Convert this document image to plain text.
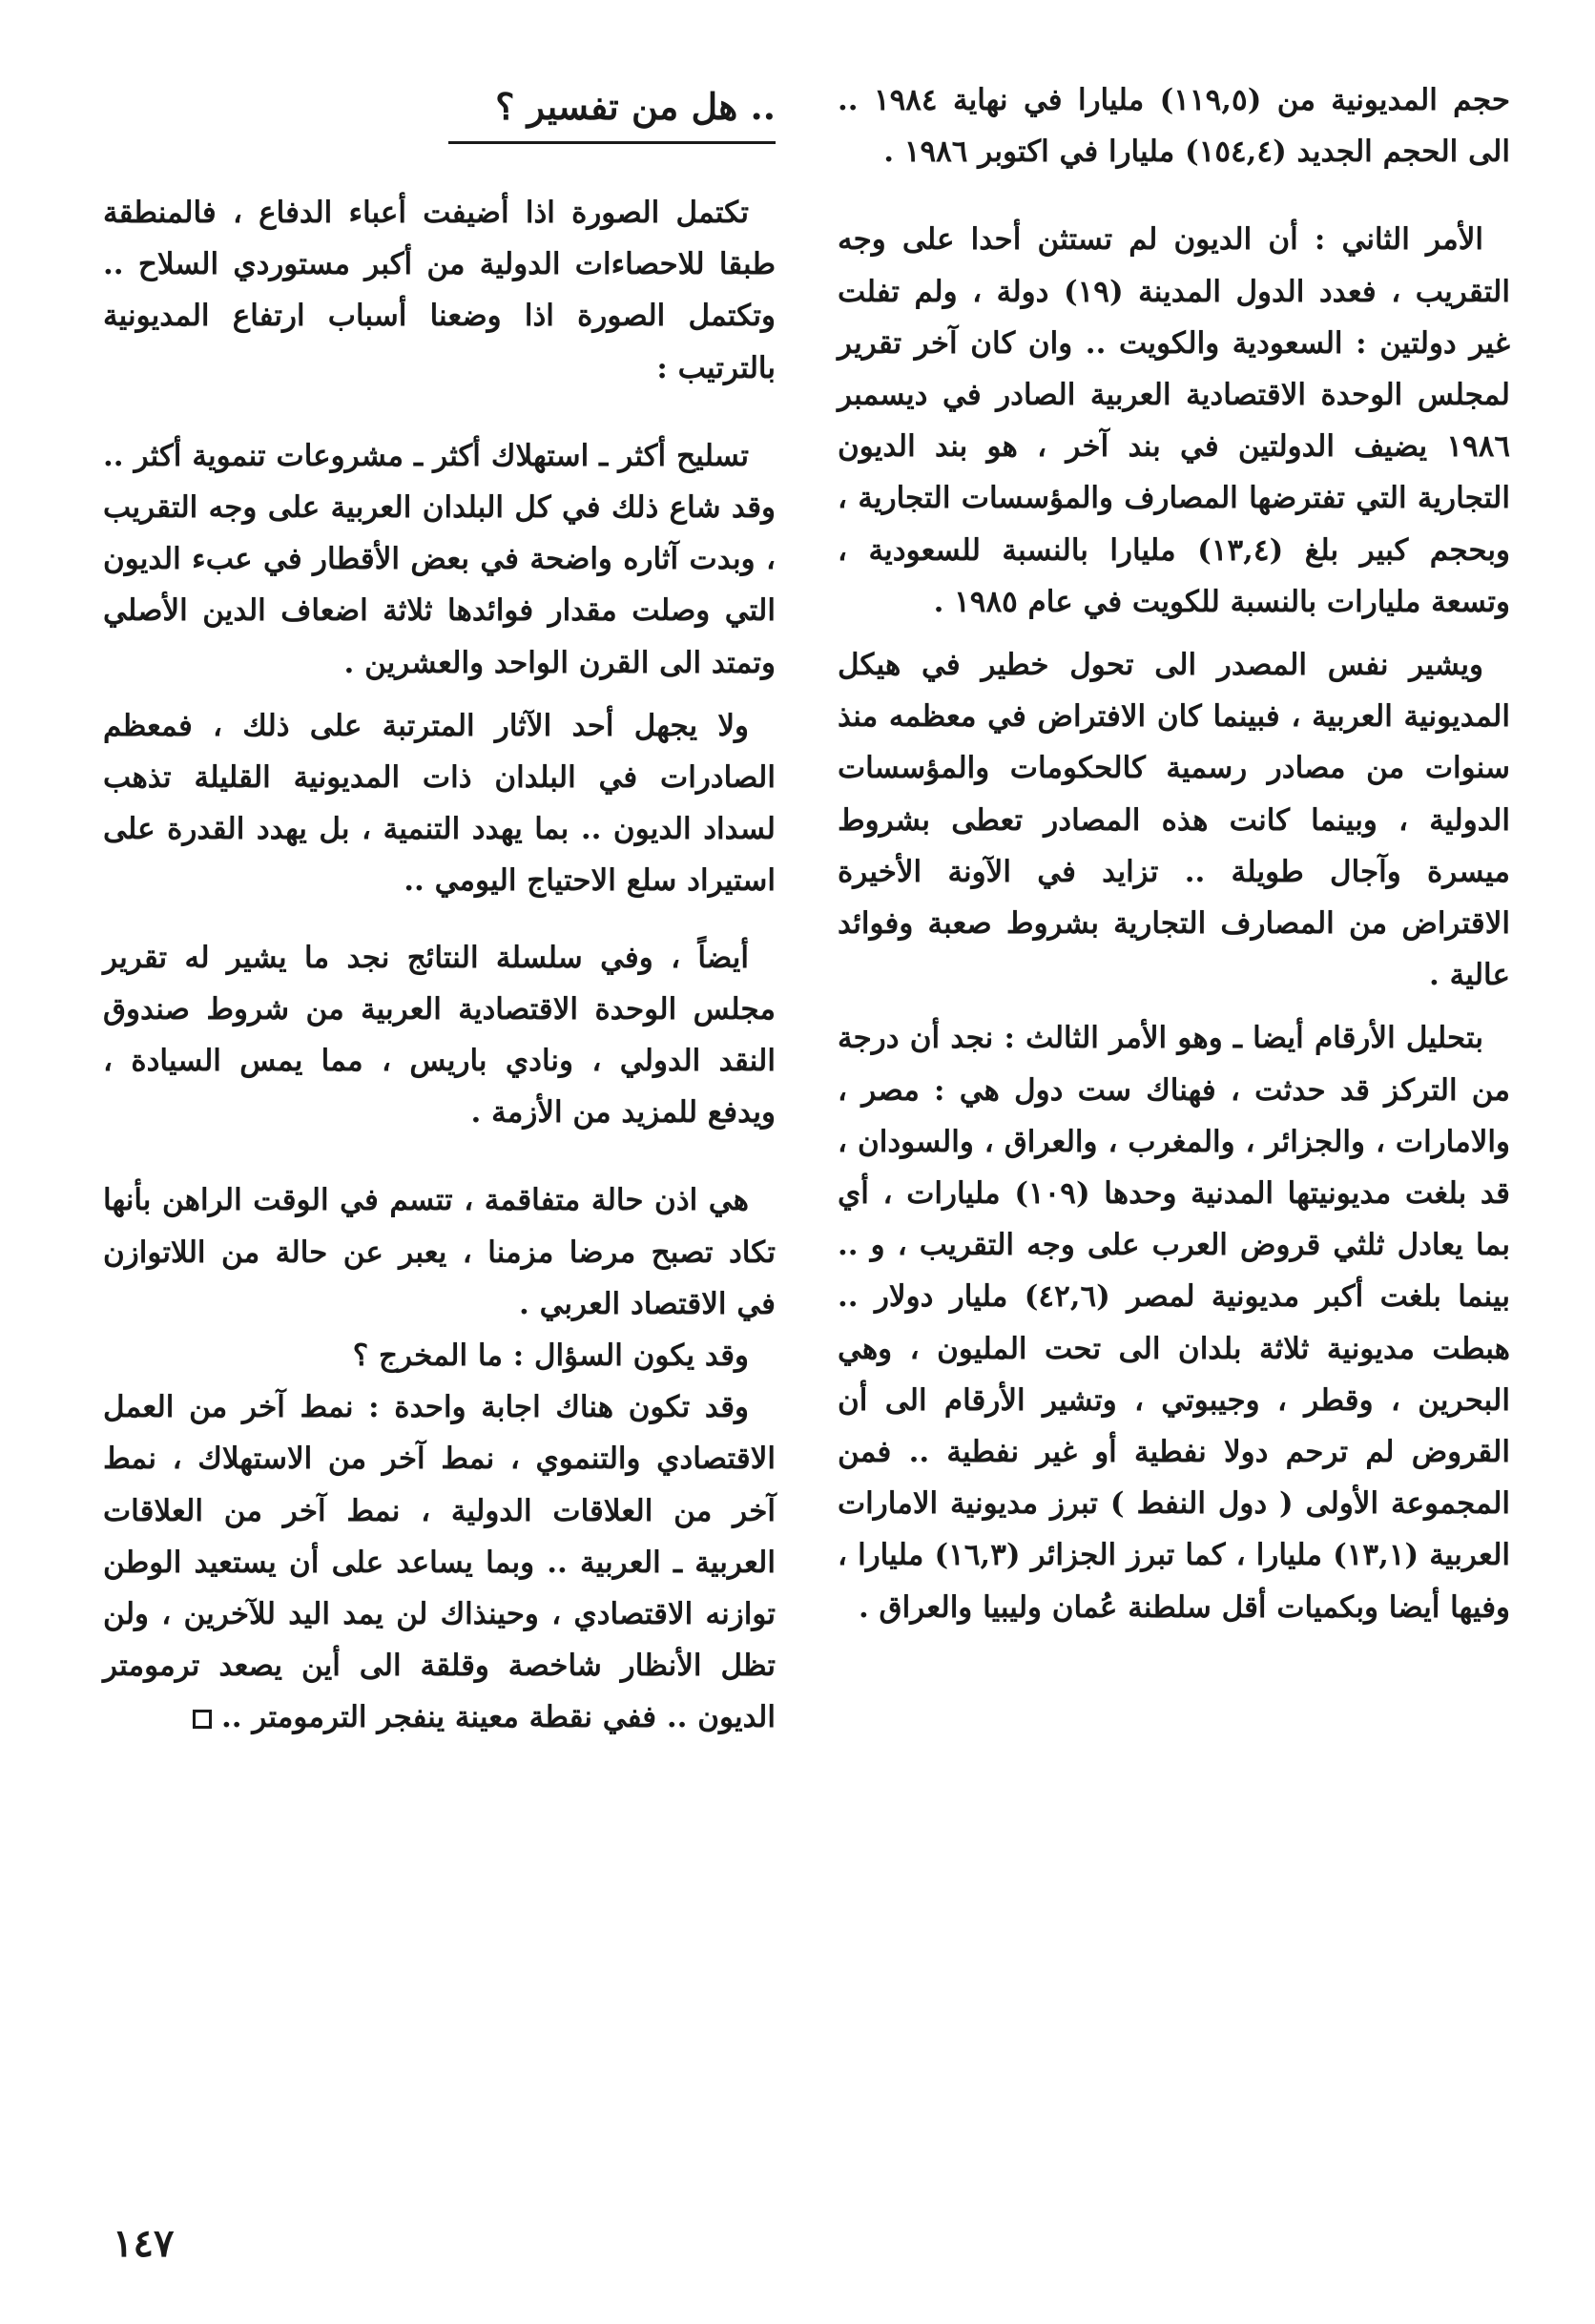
حجم المديونية من (١١٩,٥) مليارا في نهاية ١٩٨٤ .. الى الحجم الجديد (١٥٤,٤) مليارا في اكتوبر ١٩٨٦ .

الأمر الثاني : أن الديون لم تستثن أحدا على وجه التقريب ، فعدد الدول المدينة (١٩) دولة ، ولم تفلت غير دولتين : السعودية والكويت .. وان كان آخر تقرير لمجلس الوحدة الاقتصادية العربية الصادر في ديسمبر ١٩٨٦ يضيف الدولتين في بند آخر ، هو بند الديون التجارية التي تفترضها المصارف والمؤسسات التجارية ، وبحجم كبير بلغ (١٣,٤) مليارا بالنسبة للسعودية ، وتسعة مليارات بالنسبة للكويت في عام ١٩٨٥ .

ويشير نفس المصدر الى تحول خطير في هيكل المديونية العربية ، فبينما كان الافتراض في معظمه منذ سنوات من مصادر رسمية كالحكومات والمؤسسات الدولية ، وبينما كانت هذه المصادر تعطى بشروط ميسرة وآجال طويلة .. تزايد في الآونة الأخيرة الاقتراض من المصارف التجارية بشروط صعبة وفوائد عالية .

بتحليل الأرقام أيضا ـ وهو الأمر الثالث : نجد أن درجة من التركز قد حدثت ، فهناك ست دول هي : مصر ، والامارات ، والجزائر ، والمغرب ، والعراق ، والسودان ، قد بلغت مديونيتها المدنية وحدها (١٠٩) مليارات ، أي بما يعادل ثلثي قروض العرب على وجه التقريب ، و .. بينما بلغت أكبر مديونية لمصر (٤٢,٦) مليار دولار .. هبطت مديونية ثلاثة بلدان الى تحت المليون ، وهي البحرين ، وقطر ، وجيبوتي ، وتشير الأرقام الى أن القروض لم ترحم دولا نفطية أو غير نفطية .. فمن المجموعة الأولى ( دول النفط ) تبرز مديونية الامارات العربية (١٣,١) مليارا ، كما تبرز الجزائر (١٦,٣) مليارا ، وفيها أيضا وبكميات أقل سلطنة عُمان وليبيا والعراق .

.. هل من تفسير ؟

تكتمل الصورة اذا أضيفت أعباء الدفاع ، فالمنطقة طبقا للاحصاءات الدولية من أكبر مستوردي السلاح .. وتكتمل الصورة اذا وضعنا أسباب ارتفاع المديونية بالترتيب :

تسليح أكثر ـ استهلاك أكثر ـ مشروعات تنموية أكثر .. وقد شاع ذلك في كل البلدان العربية على وجه التقريب ، وبدت آثاره واضحة في بعض الأقطار في عبء الديون التي وصلت مقدار فوائدها ثلاثة اضعاف الدين الأصلي وتمتد الى القرن الواحد والعشرين .

ولا يجهل أحد الآثار المترتبة على ذلك ، فمعظم الصادرات في البلدان ذات المديونية القليلة تذهب لسداد الديون .. بما يهدد التنمية ، بل يهدد القدرة على استيراد سلع الاحتياج اليومي ..

أيضاً ، وفي سلسلة النتائج نجد ما يشير له تقرير مجلس الوحدة الاقتصادية العربية من شروط صندوق النقد الدولي ، ونادي باريس ، مما يمس السيادة ، ويدفع للمزيد من الأزمة .

هي اذن حالة متفاقمة ، تتسم في الوقت الراهن بأنها تكاد تصبح مرضا مزمنا ، يعبر عن حالة من اللاتوازن في الاقتصاد العربي .

وقد يكون السؤال : ما المخرج ؟

وقد تكون هناك اجابة واحدة : نمط آخر من العمل الاقتصادي والتنموي ، نمط آخر من الاستهلاك ، نمط آخر من العلاقات الدولية ، نمط آخر من العلاقات العربية ـ العربية .. وبما يساعد على أن يستعيد الوطن توازنه الاقتصادي ، وحينذاك لن يمد اليد للآخرين ، ولن تظل الأنظار شاخصة وقلقة الى أين يصعد ترمومتر الديون .. ففي نقطة معينة ينفجر الترمومتر ..

١٤٧
